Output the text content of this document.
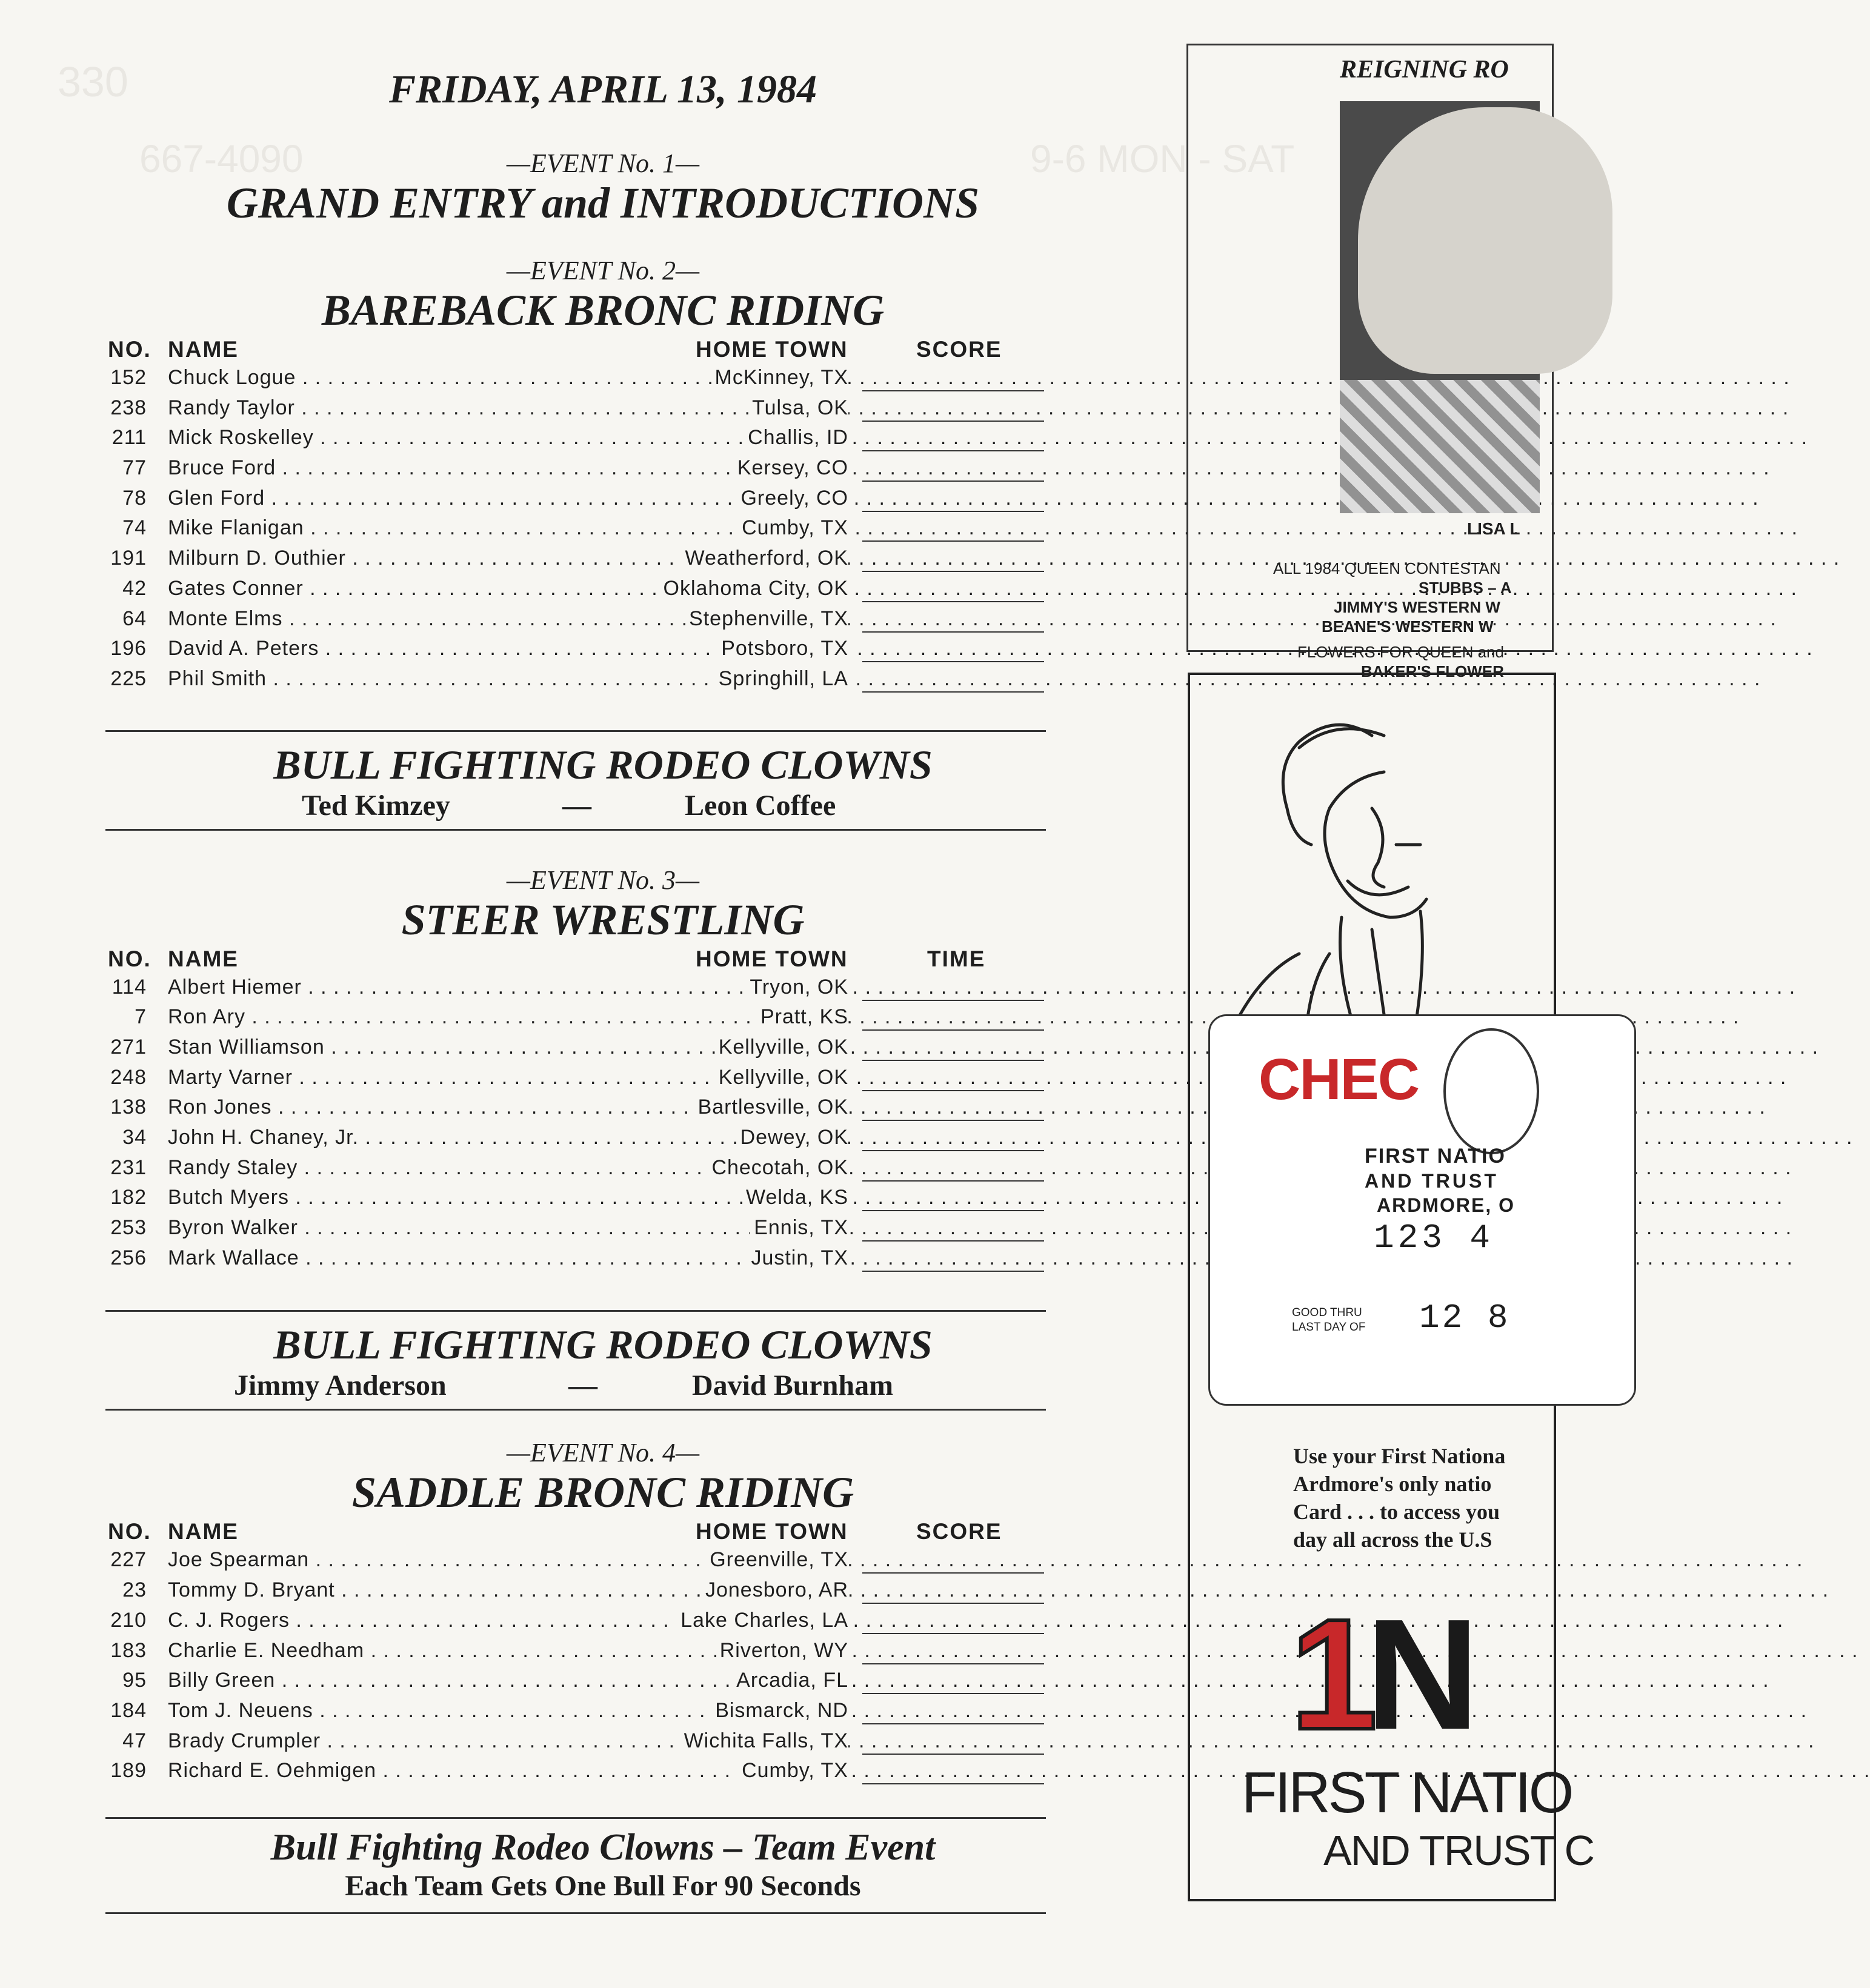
330
9-6 MON - SAT
667-4090
FRIDAY, APRIL 13, 1984
—EVENT No. 1—
GRAND ENTRY and INTRODUCTIONS
—EVENT No. 2—
BAREBACK BRONC RIDING
NO. NAME	HOME TOWN	SCORE
152 Chuck Logue . . .	McKinney, TX
238 Randy Taylor . . .	Tulsa, OK
211 Mick Roskelley . . .	Challis, ID
77 Bruce Ford . . .	Kersey, CO
78 Glen Ford . . .	Greely, CO
74 Mike Flanigan . . .	Cumby, TX
191 Milburn D. Outhier . . .	Weatherford, OK
42 Gates Conner . . .	Oklahoma City, OK
64 Monte Elms . . .	Stephenville, TX
196 David A. Peters . . .	Potsboro, TX
225 Phil Smith . . .	Springhill, LA
BULL FIGHTING RODEO CLOWNS
Ted Kimzey	—	Leon Coffee
—EVENT No. 3—
STEER WRESTLING
NO. NAME	HOME TOWN	TIME
114 Albert Hiemer . . .	Tryon, OK
7 Ron Ary . . .	Pratt, KS
271 Stan Williamson . . .	Kellyville, OK
248 Marty Varner . . .	Kellyville, OK
138 Ron Jones . . .	Bartlesville, OK
34 John H. Chaney, Jr. . . .	Dewey, OK
231 Randy Staley . . .	Checotah, OK
182 Butch Myers . . .	Welda, KS
253 Byron Walker . . .	Ennis, TX
256 Mark Wallace . . .	Justin, TX
BULL FIGHTING RODEO CLOWNS
Jimmy Anderson	—	David Burnham
—EVENT No. 4—
SADDLE BRONC RIDING
NO. NAME	HOME TOWN	SCORE
227 Joe Spearman . . .	Greenville, TX
23 Tommy D. Bryant . . .	Jonesboro, AR
210 C. J. Rogers . . .	Lake Charles, LA
183 Charlie E. Needham . . .	Riverton, WY
95 Billy Green . . .	Arcadia, FL
184 Tom J. Neuens . . .	Bismarck, ND
47 Brady Crumpler . . .	Wichita Falls, TX
189 Richard E. Oehmigen . . .	Cumby, TX
Bull Fighting Rodeo Clowns – Team Event
Each Team Gets One Bull For 90 Seconds
REIGNING RO
LISA L
ALL 1984 QUEEN CONTESTAN
STUBBS – A
JIMMY'S WESTERN W
BEANE'S WESTERN W
FLOWERS FOR QUEEN and
BAKER'S FLOWER
CHEC
FIRST NATIO
AND TRUST
ARDMORE, O
123 4
GOOD THRU
LAST DAY OF 12 8
Use your First Nationa
Ardmore's only natio
Card . . . to access you
day all across the U.S
1N
FIRST NATIO
AND TRUST C
